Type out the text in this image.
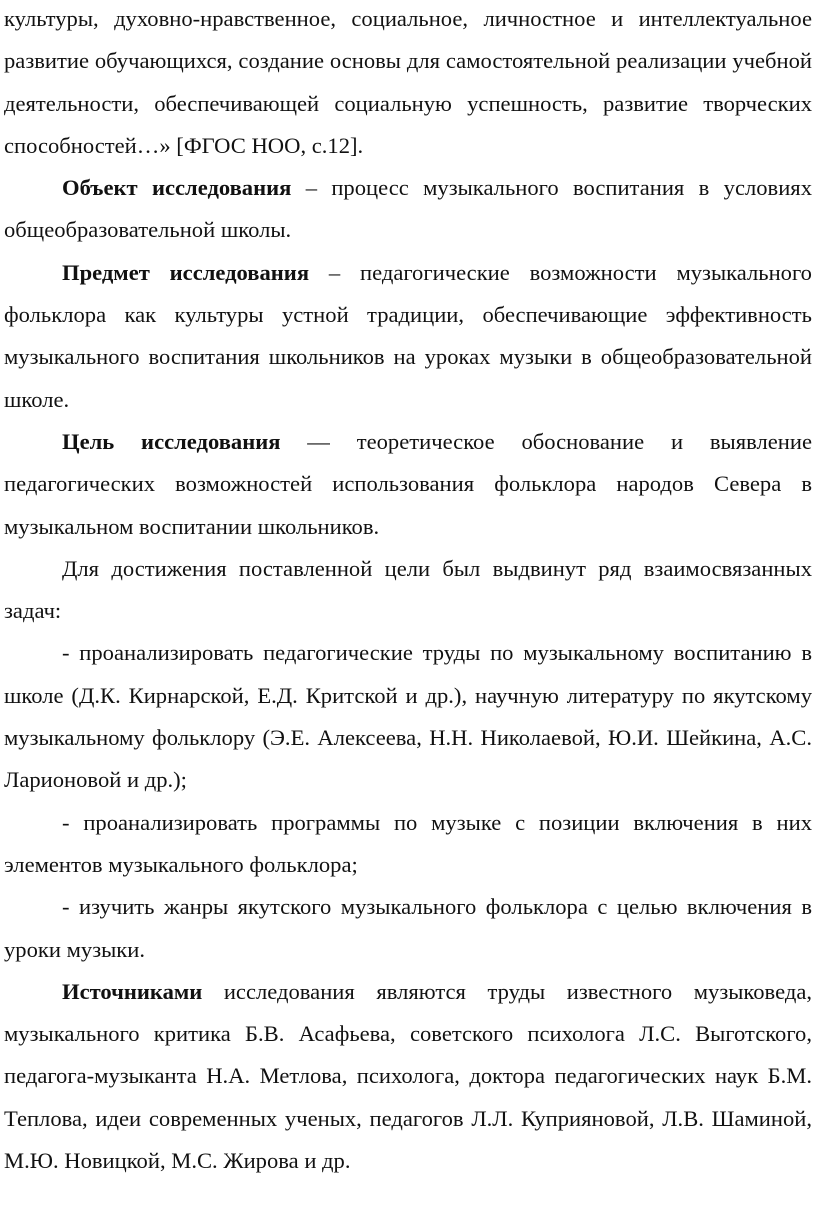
культуры, духовно-нравственное, социальное, личностное и интеллектуальное развитие обучающихся, создание основы для самостоятельной реализации учебной деятельности, обеспечивающей социальную успешность, развитие творческих способностей…» [ФГОС НОО, с.12].

Объект исследования – процесс музыкального воспитания в условиях общеобразовательной школы.

Предмет исследования – педагогические возможности музыкального фольклора как культуры устной традиции, обеспечивающие эффективность музыкального воспитания школьников на уроках музыки в общеобразовательной школе.

Цель исследования — теоретическое обоснование и выявление педагогических возможностей использования фольклора народов Севера в музыкальном воспитании школьников.

Для достижения поставленной цели был выдвинут ряд взаимосвязанных задач:

- проанализировать педагогические труды по музыкальному воспитанию в школе (Д.К. Кирнарской, Е.Д. Критской и др.), научную литературу по якутскому музыкальному фольклору (Э.Е. Алексеева, Н.Н. Николаевой, Ю.И. Шейкина, А.С. Ларионовой и др.);

- проанализировать программы по музыке с позиции включения в них элементов музыкального фольклора;

- изучить жанры якутского музыкального фольклора с целью включения в уроки музыки.

Источниками исследования являются труды известного музыковеда, музыкального критика Б.В. Асафьева, советского психолога Л.С. Выготского, педагога-музыканта Н.А. Метлова, психолога, доктора педагогических наук Б.М. Теплова, идеи современных ученых, педагогов Л.Л. Куприяновой, Л.В. Шаминой, М.Ю. Новицкой, М.С. Жирова и др.
